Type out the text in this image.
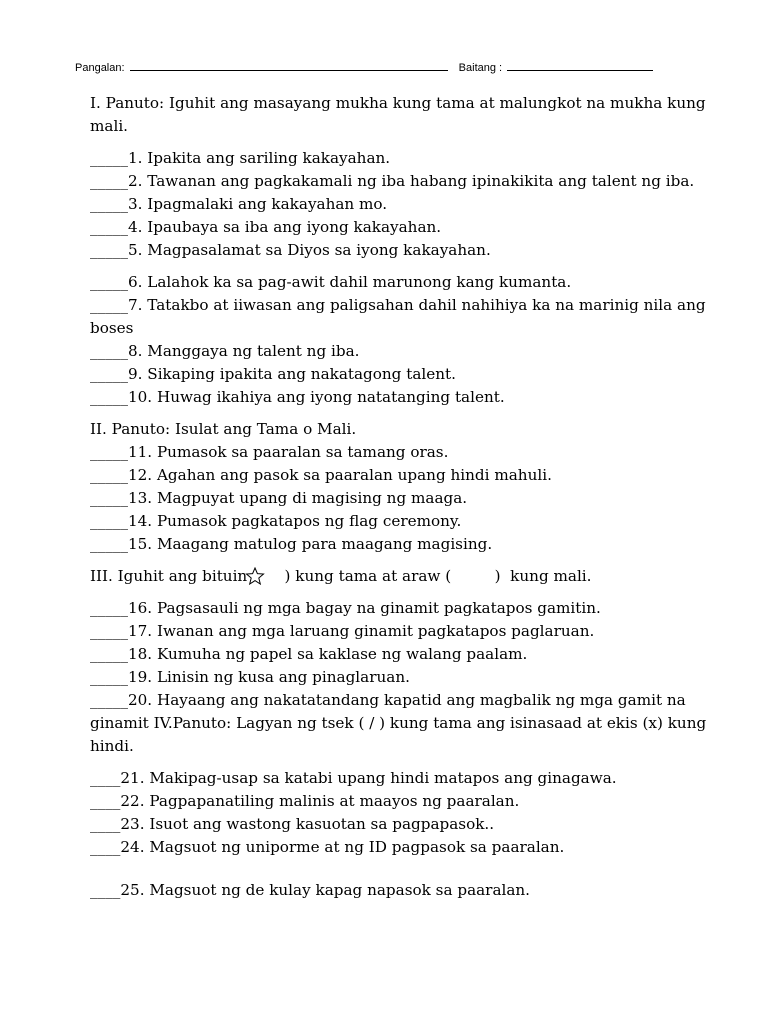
Pangalan:	Baitang :

I. Panuto: Iguhit ang masayang mukha kung tama at malungkot na mukha kung mali.

_____1. Ipakita ang sariling kakayahan.

_____2. Tawanan ang pagkakamali ng iba habang ipinakikita ang talent ng iba.

_____3. Ipagmalaki ang kakayahan mo.

_____4. Ipaubaya sa iba ang iyong kakayahan.

_____5. Magpasalamat sa Diyos sa iyong kakayahan.

_____6. Lalahok ka sa pag-awit dahil marunong kang kumanta.

_____7. Tatakbo at iiwasan ang paligsahan dahil nahihiya ka na marinig nila ang boses

_____8. Manggaya ng talent ng iba.

_____9. Sikaping ipakita ang nakatagong talent.

_____10. Huwag ikahiya ang iyong natatanging talent.

II. Panuto: Isulat ang Tama o Mali.

_____11. Pumasok sa paaralan sa tamang oras.

_____12. Agahan ang pasok sa paaralan upang hindi mahuli.

_____13. Magpuyat upang di magising ng maaga.

_____14. Pumasok pagkatapos ng flag ceremony.

_____15. Maagang matulog para maagang magising.

III. Iguhit ang bituin    ) kung tama at araw (         )  kung mali.

_____16. Pagsasauli ng mga bagay na ginamit pagkatapos gamitin.

_____17. Iwanan ang mga laruang ginamit pagkatapos paglaruan.

_____18. Kumuha ng papel sa kaklase ng walang paalam.

_____19. Linisin ng kusa ang pinaglaruan.

_____20. Hayaang ang nakatatandang kapatid ang magbalik ng mga gamit na ginamit IV.Panuto: Lagyan ng tsek ( / ) kung tama ang isinasaad at ekis (x) kung hindi.

____21. Makipag-usap sa katabi upang hindi matapos ang ginagawa.

____22. Pagpapanatiling malinis at maayos ng paaralan.

____23. Isuot ang wastong kasuotan sa pagpapasok..

____24. Magsuot ng uniporme at ng ID pagpasok sa paaralan.

____25. Magsuot ng de kulay kapag napasok sa paaralan.
